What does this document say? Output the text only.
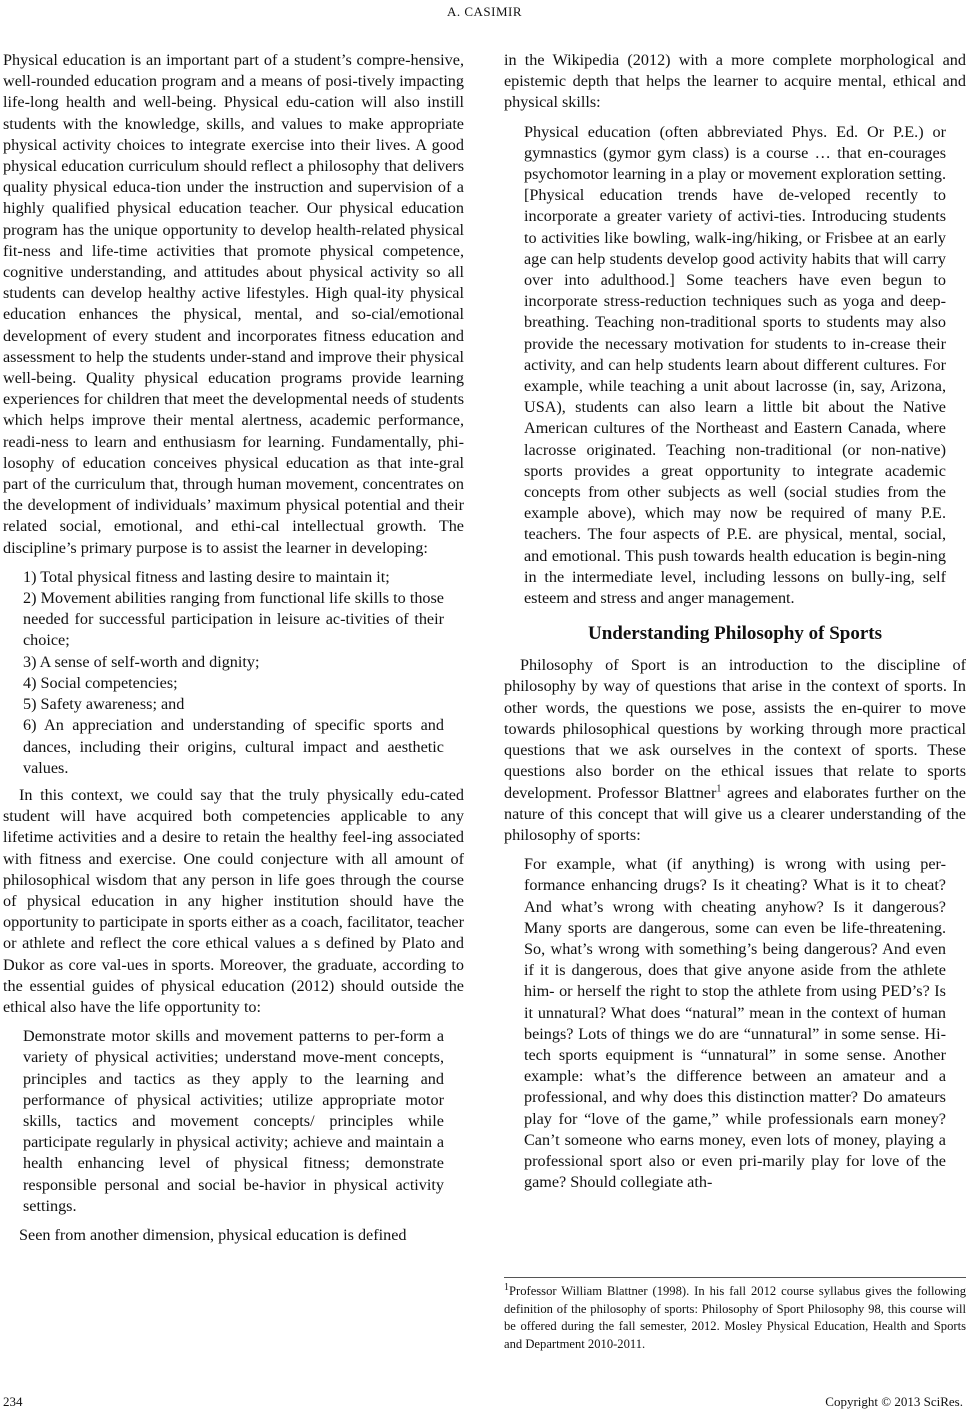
A. CASIMIR

Physical education is an important part of a student’s compre-hensive, well-rounded education program and a means of posi-tively impacting life-long health and well-being. Physical edu-cation will also instill students with the knowledge, skills, and values to make appropriate physical activity choices to integrate exercise into their lives. A good physical education curriculum should reflect a philosophy that delivers quality physical educa-tion under the instruction and supervision of a highly qualified physical education teacher. Our physical education program has the unique opportunity to develop health-related physical fit-ness and life-time activities that promote physical competence, cognitive understanding, and attitudes about physical activity so all students can develop healthy active lifestyles. High qual-ity physical education enhances the physical, mental, and so-cial/emotional development of every student and incorporates fitness education and assessment to help the students under-stand and improve their physical well-being. Quality physical education programs provide learning experiences for children that meet the developmental needs of students which helps improve their mental alertness, academic performance, readi-ness to learn and enthusiasm for learning. Fundamentally, phi-losophy of education conceives physical education as that inte-gral part of the curriculum that, through human movement, concentrates on the development of individuals’ maximum physical potential and their related social, emotional, and ethi-cal intellectual growth. The discipline’s primary purpose is to assist the learner in developing:

1) Total physical fitness and lasting desire to maintain it;
2) Movement abilities ranging from functional life skills to those needed for successful participation in leisure ac-tivities of their choice;
3) A sense of self-worth and dignity;
4) Social competencies;
5) Safety awareness; and
6) An appreciation and understanding of specific sports and dances, including their origins, cultural impact and aesthetic values.

In this context, we could say that the truly physically edu-cated student will have acquired both competencies applicable to any lifetime activities and a desire to retain the healthy feel-ing associated with fitness and exercise. One could conjecture with all amount of philosophical wisdom that any person in life goes through the course of physical education in any higher institution should have the opportunity to participate in sports either as a coach, facilitator, teacher or athlete and reflect the core ethical values a s defined by Plato and Dukor as core val-ues in sports. Moreover, the graduate, according to the essential guides of physical education (2012) should outside the ethical also have the life opportunity to:

Demonstrate motor skills and movement patterns to per-form a variety of physical activities; understand move-ment concepts, principles and tactics as they apply to the learning and performance of physical activities; utilize appropriate motor skills, tactics and movement concepts/ principles while participate regularly in physical activity; achieve and maintain a health enhancing level of physical fitness; demonstrate responsible personal and social be-havior in physical activity settings.

Seen from another dimension, physical education is defined

in the Wikipedia (2012) with a more complete morphological and epistemic depth that helps the learner to acquire mental, ethical and physical skills:

Physical education (often abbreviated Phys. Ed. Or P.E.) or gymnastics (gymor gym class) is a course … that en-courages psychomotor learning in a play or movement exploration setting. [Physical education trends have de-veloped recently to incorporate a greater variety of activi-ties. Introducing students to activities like bowling, walk-ing/hiking, or Frisbee at an early age can help students develop good activity habits that will carry over into adulthood.] Some teachers have even begun to incorporate stress-reduction techniques such as yoga and deep-breathing. Teaching non-traditional sports to students may also provide the necessary motivation for students to in-crease their activity, and can help students learn about different cultures. For example, while teaching a unit about lacrosse (in, say, Arizona, USA), students can also learn a little bit about the Native American cultures of the Northeast and Eastern Canada, where lacrosse originated. Teaching non-traditional (or non-native) sports provides a great opportunity to integrate academic concepts from other subjects as well (social studies from the example above), which may now be required of many P.E. teachers. The four aspects of P.E. are physical, mental, social, and emotional. This push towards health education is begin-ning in the intermediate level, including lessons on bully-ing, self esteem and stress and anger management.

Understanding Philosophy of Sports

Philosophy of Sport is an introduction to the discipline of philosophy by way of questions that arise in the context of sports. In other words, the questions we pose, assists the en-quirer to move towards philosophical questions by working through more practical questions that we ask ourselves in the context of sports. These questions also border on the ethical issues that relate to sports development. Professor Blattner$^1$ agrees and elaborates further on the nature of this concept that will give us a clearer understanding of the philosophy of sports:

For example, what (if anything) is wrong with using per-formance enhancing drugs? Is it cheating? What is it to cheat? And what’s wrong with cheating anyhow? Is it dangerous? Many sports are dangerous, some can even be life-threatening. So, what’s wrong with something’s being dangerous? And even if it is dangerous, does that give anyone aside from the athlete him- or herself the right to stop the athlete from using PED’s? Is it unnatural? What does “natural” mean in the context of human beings? Lots of things we do are “unnatural” in some sense. Hi-tech sports equipment is “unnatural” in some sense. Another example: what’s the difference between an amateur and a professional, and why does this distinction matter? Do amateurs play for “love of the game,” while professionals earn money? Can’t someone who earns money, even lots of money, playing a professional sport also or even pri-marily play for love of the game? Should collegiate ath-

$^1$Professor William Blattner (1998). In his fall 2012 course syllabus gives the following definition of the philosophy of sports: Philosophy of Sport Philosophy 98, this course will be offered during the fall semester, 2012. Mosley Physical Education, Health and Sports and Department 2010-2011.
234	Copyright © 2013 SciRes.
